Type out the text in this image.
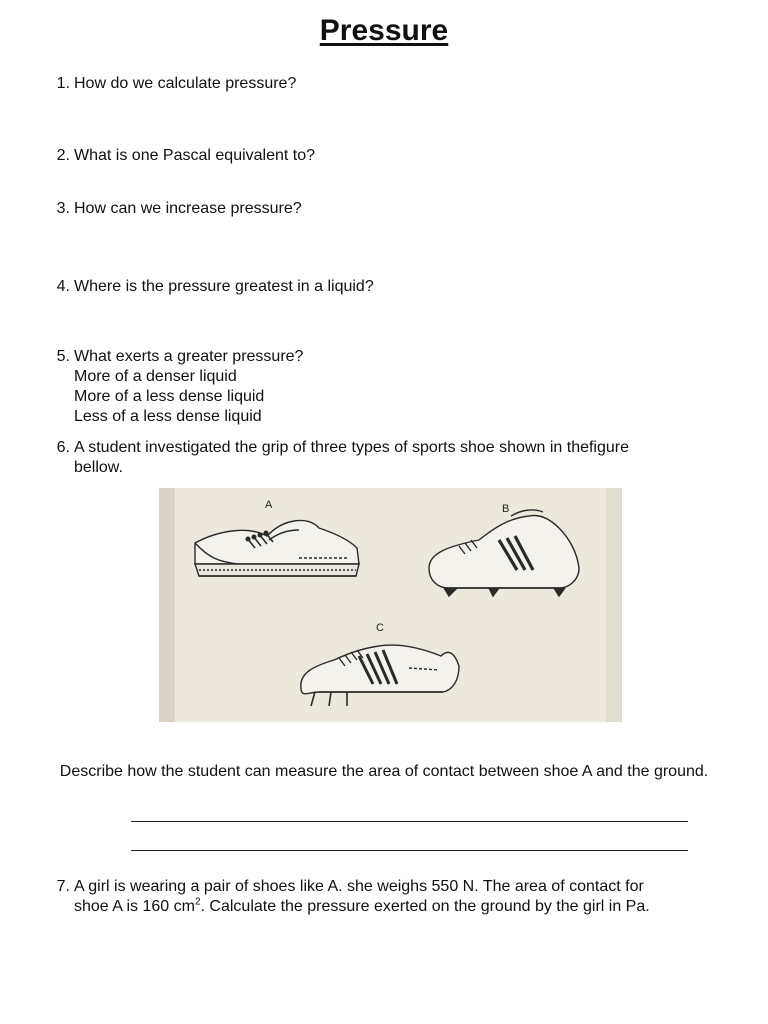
Pressure
1. How do we calculate pressure?
2. What is one Pascal equivalent to?
3. How can we increase pressure?
4. Where is the pressure greatest in a liquid?
5. What exerts a greater pressure?
More of a denser liquid
More of a less dense liquid
Less of a less dense liquid
6. A student investigated the grip of three types of sports shoe shown in thefigure
bellow.
A	B
C
Describe how the student can measure the area of contact between shoe A and the ground.
7. A girl is wearing a pair of shoes like A. she weighs 550 N. The area of contact for
shoe A is 160 $cm^2$. Calculate the pressure exerted on the ground by the girl in Pa.
